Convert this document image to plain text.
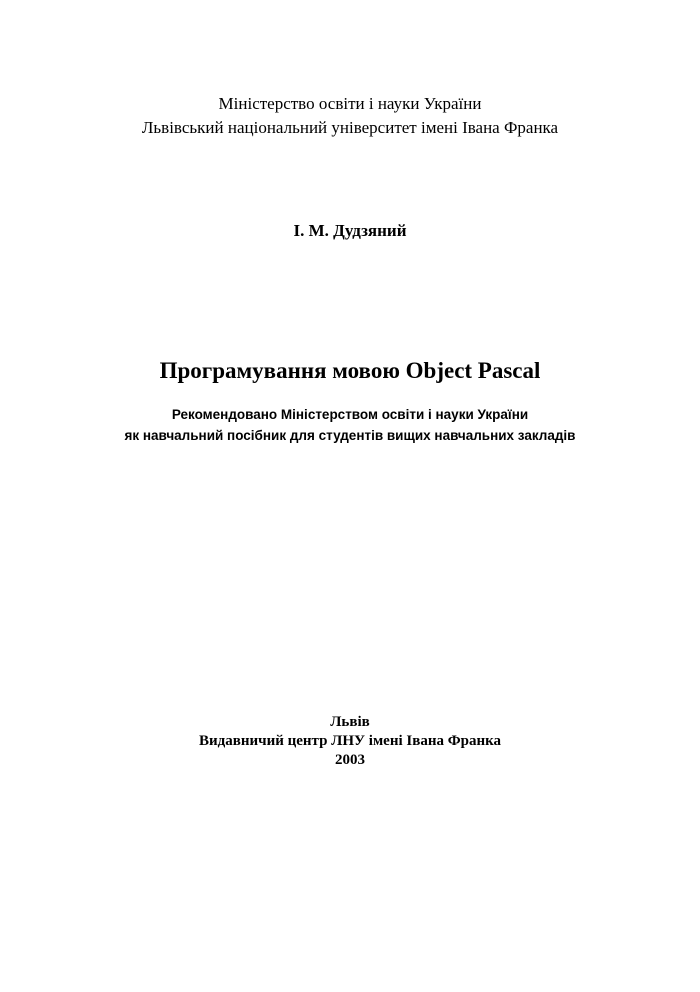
Міністерство освіти і науки України
Львівський національний університет імені Івана Франка
І. М. Дудзяний
Програмування мовою Object Pascal
Рекомендовано Міністерством освіти і науки України
як навчальний посібник для студентів вищих навчальних закладів
Львів
Видавничий центр ЛНУ імені Івана Франка
2003
